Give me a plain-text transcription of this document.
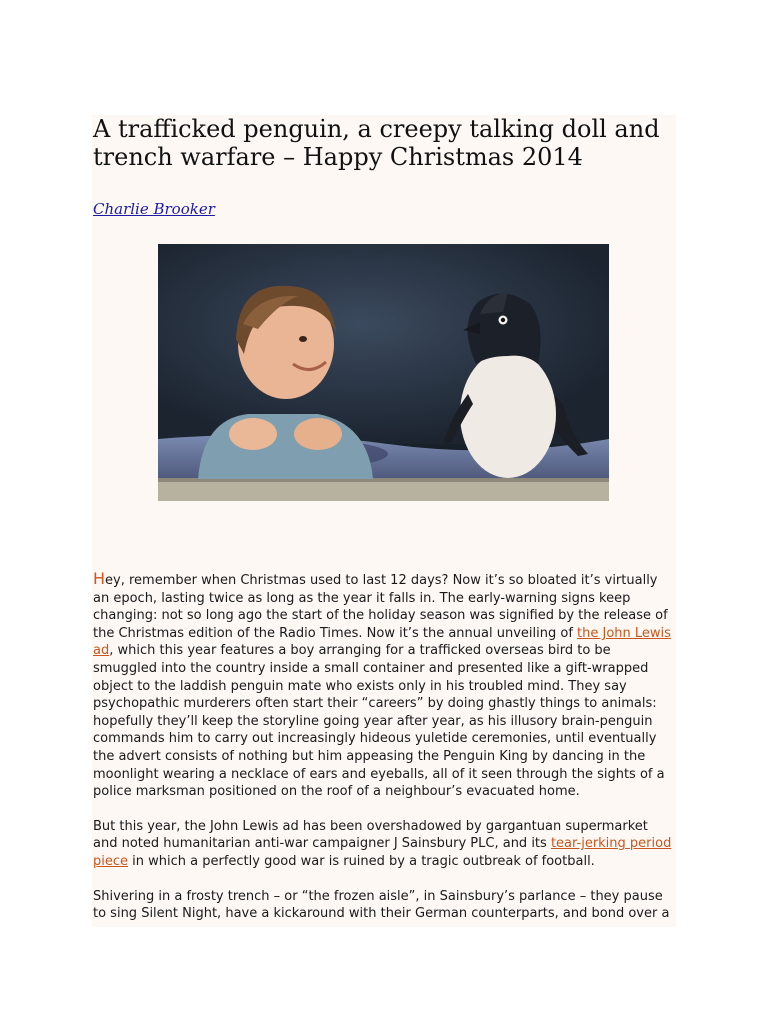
A trafficked penguin, a creepy talking doll and trench warfare – Happy Christmas 2014
Charlie Brooker

Hey, remember when Christmas used to last 12 days? Now it’s so bloated it’s virtually an epoch, lasting twice as long as the year it falls in. The early-warning signs keep changing: not so long ago the start of the holiday season was signified by the release of the Christmas edition of the Radio Times. Now it’s the annual unveiling of the John Lewis ad, which this year features a boy arranging for a trafficked overseas bird to be smuggled into the country inside a small container and presented like a gift-wrapped object to the laddish penguin mate who exists only in his troubled mind. They say psychopathic murderers often start their “careers” by doing ghastly things to animals: hopefully they’ll keep the storyline going year after year, as his illusory brain-penguin commands him to carry out increasingly hideous yuletide ceremonies, until eventually the advert consists of nothing but him appeasing the Penguin King by dancing in the moonlight wearing a necklace of ears and eyeballs, all of it seen through the sights of a police marksman positioned on the roof of a neighbour’s evacuated home.

But this year, the John Lewis ad has been overshadowed by gargantuan supermarket and noted humanitarian anti-war campaigner J Sainsbury PLC, and its tear-jerking period piece in which a perfectly good war is ruined by a tragic outbreak of football.

Shivering in a frosty trench – or “the frozen aisle”, in Sainsbury’s parlance – they pause to sing Silent Night, have a kickaround with their German counterparts, and bond over a
